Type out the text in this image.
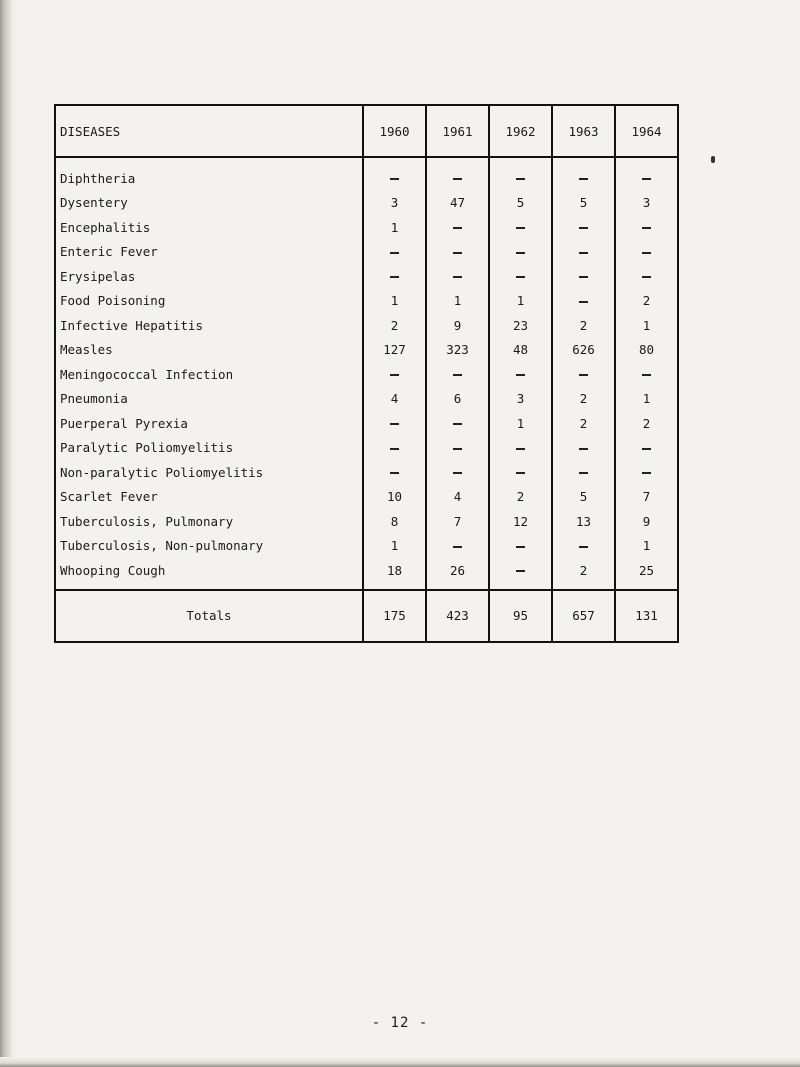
DISEASES	1960	1961	1962	1963	1964
Diphtheria					
Dysentery	3	47	5	5	3
Encephalitis	1				
Enteric Fever					
Erysipelas					
Food Poisoning	1	1	1		2
Infective Hepatitis	2	9	23	2	1
Measles	127	323	48	626	80
Meningococcal Infection					
Pneumonia	4	6	3	2	1
Puerperal Pyrexia			1	2	2
Paralytic Poliomyelitis					
Non-paralytic Poliomyelitis					
Scarlet Fever	10	4	2	5	7
Tuberculosis, Pulmonary	8	7	12	13	9
Tuberculosis, Non-pulmonary	1				1
Whooping Cough	18	26		2	25
Totals	175	423	95	657	131
- 12 -
